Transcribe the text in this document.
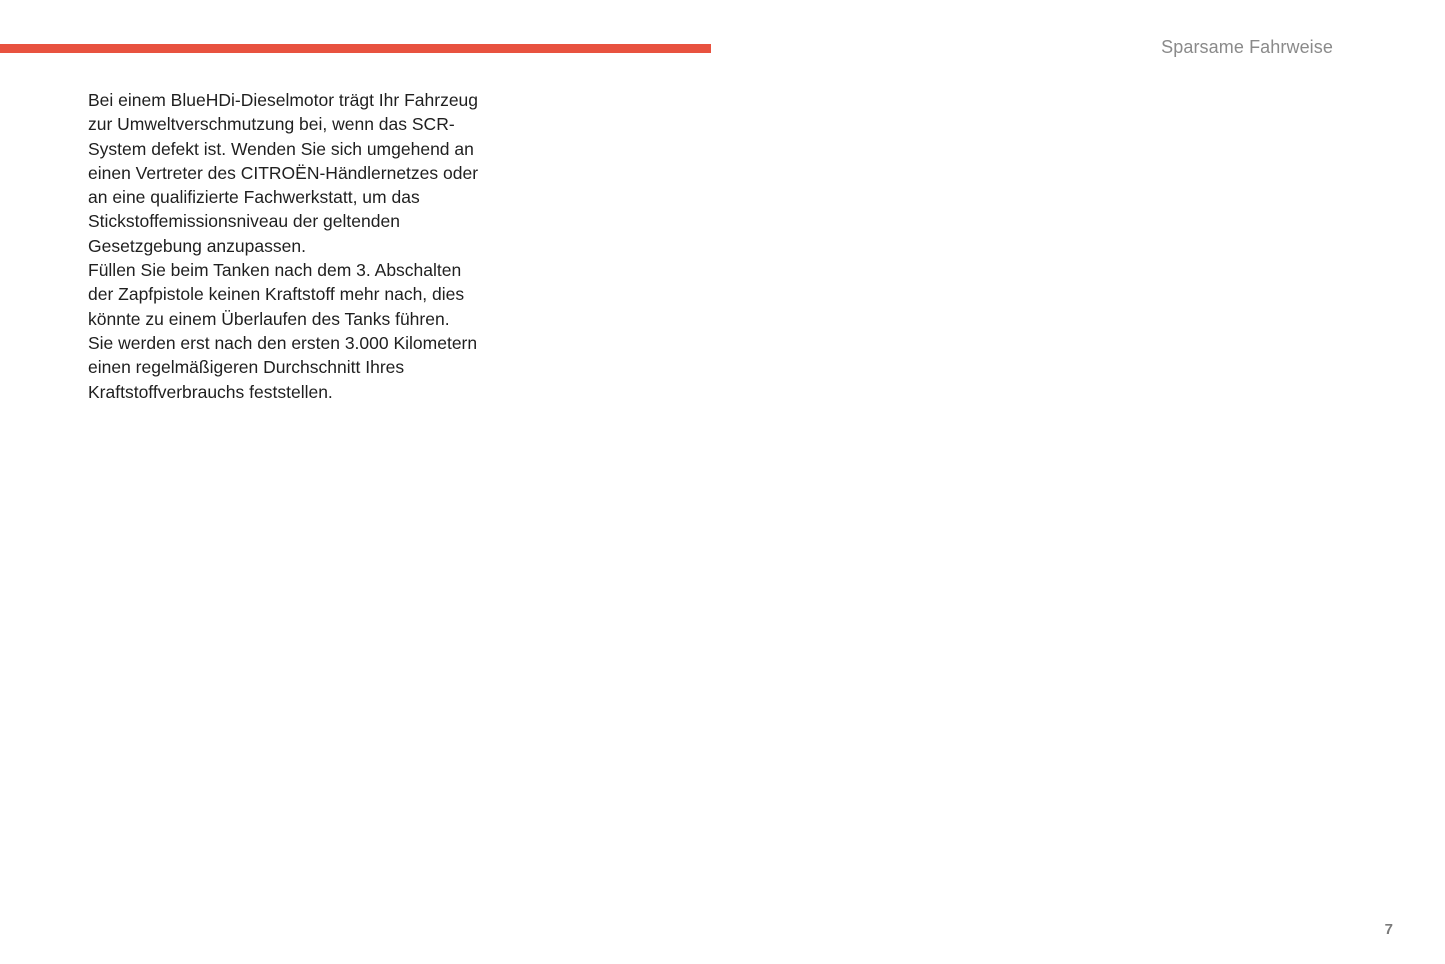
Sparsame Fahrweise

Bei einem BlueHDi-Dieselmotor trägt Ihr Fahrzeug zur Umweltverschmutzung bei, wenn das SCR-System defekt ist. Wenden Sie sich umgehend an einen Vertreter des CITROËN-Händlernetzes oder an eine qualifizierte Fachwerkstatt, um das Stickstoffemissionsniveau der geltenden Gesetzgebung anzupassen.

Füllen Sie beim Tanken nach dem 3. Abschalten der Zapfpistole keinen Kraftstoff mehr nach, dies könnte zu einem Überlaufen des Tanks führen.

Sie werden erst nach den ersten 3.000 Kilometern einen regelmäßigeren Durchschnitt Ihres Kraftstoffverbrauchs feststellen.

7
